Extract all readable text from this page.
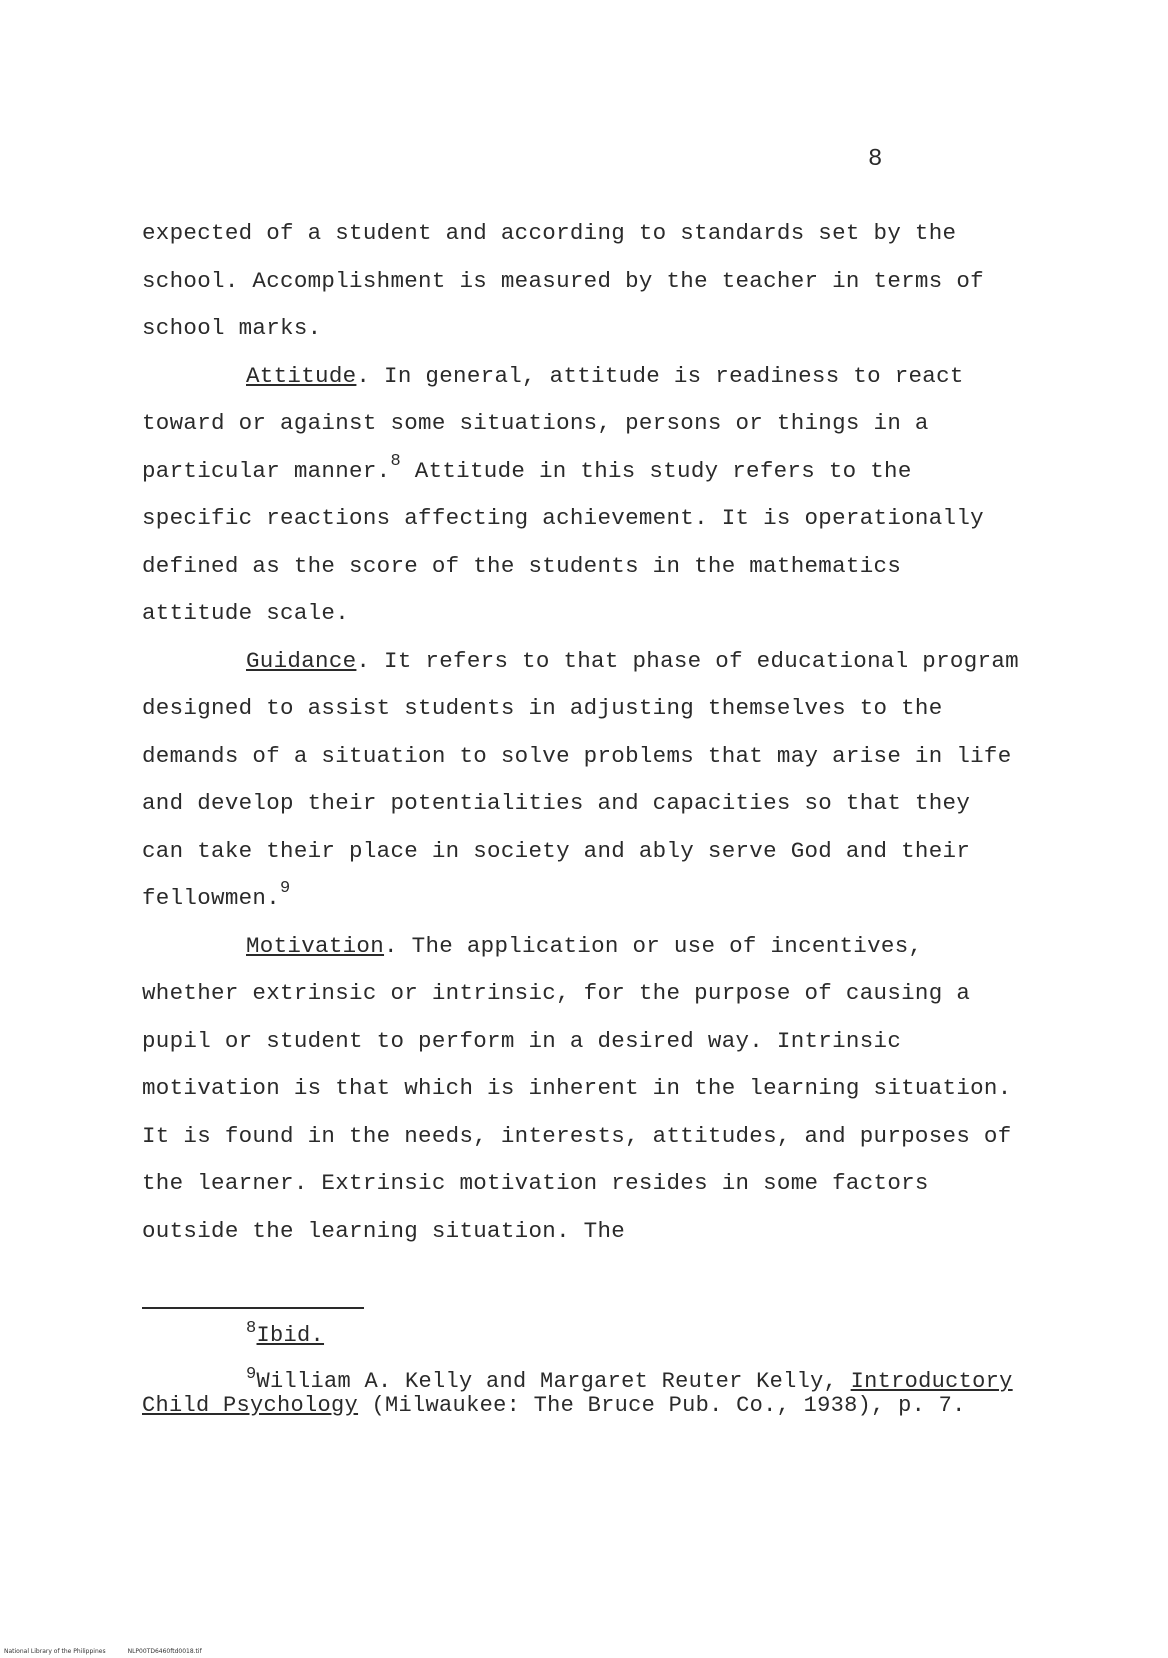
8

expected of a student and according to standards set by the school. Accomplishment is measured by the teacher in terms of school marks.

Attitude. In general, attitude is readiness to react toward or against some situations, persons or things in a particular manner.$^8$ Attitude in this study refers to the specific reactions affecting achievement. It is operationally defined as the score of the students in the mathematics attitude scale.

Guidance. It refers to that phase of educational program designed to assist students in adjusting themselves to the demands of a situation to solve problems that may arise in life and develop their potentialities and capacities so that they can take their place in society and ably serve God and their fellowmen.$^9$

Motivation. The application or use of incentives, whether extrinsic or intrinsic, for the purpose of causing a pupil or student to perform in a desired way. Intrinsic motivation is that which is inherent in the learning situation. It is found in the needs, interests, attitudes, and purposes of the learner. Extrinsic motivation resides in some factors outside the learning situation. The

$^8$Ibid.

$^9$William A. Kelly and Margaret Reuter Kelly, Introductory Child Psychology (Milwaukee: The Bruce Pub. Co., 1938), p. 7.

National Library of the Philippines	NLP00TD6460ftd0018.tif
